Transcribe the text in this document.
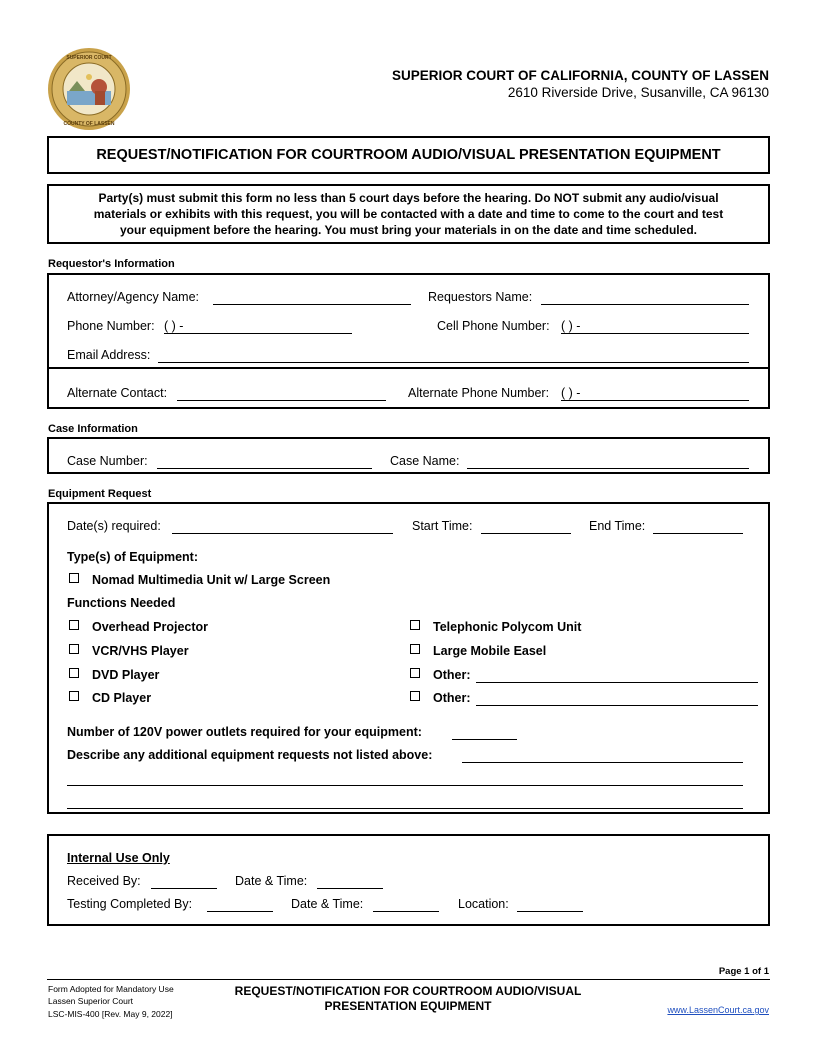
SUPERIOR COURT
COUNTY OF LASSEN
SUPERIOR COURT OF CALIFORNIA, COUNTY OF LASSEN
2610 Riverside Drive, Susanville, CA 96130
REQUEST/NOTIFICATION FOR COURTROOM AUDIO/VISUAL PRESENTATION EQUIPMENT
Party(s) must submit this form no less than 5 court days before the hearing. Do NOT submit any audio/visual
materials or exhibits with this request, you will be contacted with a date and time to come to the court and test
your equipment before the hearing. You must bring your materials in on the date and time scheduled.
Requestor's Information
Attorney/Agency Name:	Requestors Name:
Phone Number: ( ) -	Cell Phone Number: ( ) -
Email Address:
Alternate Contact:	Alternate Phone Number: ( ) -
Case Information
Case Number:	Case Name:
Equipment Request
Date(s) required:	Start Time:	End Time:
Type(s) of Equipment:
Nomad Multimedia Unit w/ Large Screen
Functions Needed
Overhead Projector
VCR/VHS Player
DVD Player
CD Player
Telephonic Polycom Unit
Large Mobile Easel
Other:
Other:
Number of 120V power outlets required for your equipment:
Describe any additional equipment requests not listed above:
Internal Use Only
Received By:	Date & Time:
Testing Completed By:	Date & Time:	Location:
Page 1 of 1
Form Adopted for Mandatory Use
Lassen Superior Court
LSC-MIS-400 [Rev. May 9, 2022]
REQUEST/NOTIFICATION FOR COURTROOM AUDIO/VISUAL
PRESENTATION EQUIPMENT	www.LassenCourt.ca.gov
